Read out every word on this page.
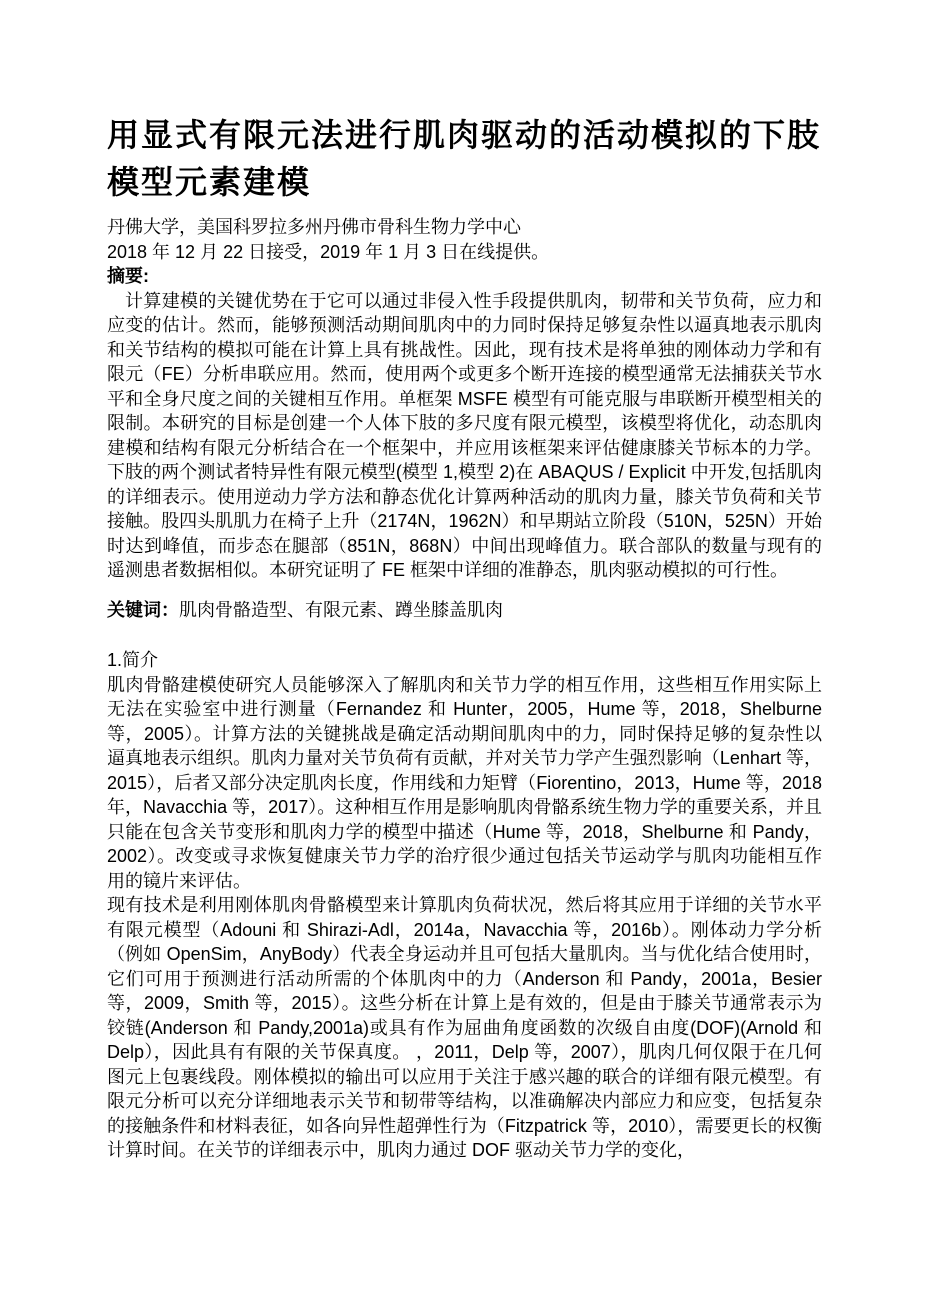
用显式有限元法进行肌肉驱动的活动模拟的下肢模型元素建模

丹佛大学，美国科罗拉多州丹佛市骨科生物力学中心

2018 年 12 月 22 日接受，2019 年 1 月 3 日在线提供。

摘要:

计算建模的关键优势在于它可以通过非侵入性手段提供肌肉，韧带和关节负荷，应力和应变的估计。然而，能够预测活动期间肌肉中的力同时保持足够复杂性以逼真地表示肌肉和关节结构的模拟可能在计算上具有挑战性。因此，现有技术是将单独的刚体动力学和有限元（FE）分析串联应用。然而，使用两个或更多个断开连接的模型通常无法捕获关节水平和全身尺度之间的关键相互作用。单框架 MSFE 模型有可能克服与串联断开模型相关的限制。本研究的目标是创建一个人体下肢的多尺度有限元模型，该模型将优化，动态肌肉建模和结构有限元分析结合在一个框架中，并应用该框架来评估健康膝关节标本的力学。下肢的两个测试者特异性有限元模型(模型 1,模型 2)在 ABAQUS / Explicit 中开发,包括肌肉的详细表示。使用逆动力学方法和静态优化计算两种活动的肌肉力量，膝关节负荷和关节接触。股四头肌肌力在椅子上升（2174N，1962N）和早期站立阶段（510N，525N）开始时达到峰值，而步态在腿部（851N，868N）中间出现峰值力。联合部队的数量与现有的遥测患者数据相似。本研究证明了 FE 框架中详细的准静态，肌肉驱动模拟的可行性。

关键词：肌肉骨骼造型、有限元素、蹲坐膝盖肌肉

1.简介

肌肉骨骼建模使研究人员能够深入了解肌肉和关节力学的相互作用，这些相互作用实际上无法在实验室中进行测量（Fernandez 和 Hunter，2005，Hume 等，2018，Shelburne 等，2005）。计算方法的关键挑战是确定活动期间肌肉中的力，同时保持足够的复杂性以逼真地表示组织。肌肉力量对关节负荷有贡献，并对关节力学产生强烈影响（Lenhart 等，2015），后者又部分决定肌肉长度，作用线和力矩臂（Fiorentino，2013，Hume 等，2018 年，Navacchia 等，2017）。这种相互作用是影响肌肉骨骼系统生物力学的重要关系，并且只能在包含关节变形和肌肉力学的模型中描述（Hume 等，2018，Shelburne 和 Pandy，2002）。改变或寻求恢复健康关节力学的治疗很少通过包括关节运动学与肌肉功能相互作用的镜片来评估。

现有技术是利用刚体肌肉骨骼模型来计算肌肉负荷状况，然后将其应用于详细的关节水平有限元模型（Adouni 和 Shirazi-Adl，2014a，Navacchia 等，2016b）。刚体动力学分析（例如 OpenSim，AnyBody）代表全身运动并且可包括大量肌肉。当与优化结合使用时，它们可用于预测进行活动所需的个体肌肉中的力（Anderson 和 Pandy，2001a，Besier 等，2009，Smith 等，2015）。这些分析在计算上是有效的，但是由于膝关节通常表示为铰链(Anderson 和 Pandy,2001a)或具有作为屈曲角度函数的次级自由度(DOF)(Arnold 和 Delp），因此具有有限的关节保真度。 ，2011，Delp 等，2007），肌肉几何仅限于在几何图元上包裹线段。刚体模拟的输出可以应用于关注于感兴趣的联合的详细有限元模型。有限元分析可以充分详细地表示关节和韧带等结构，以准确解决内部应力和应变，包括复杂的接触条件和材料表征，如各向异性超弹性行为（Fitzpatrick 等，2010），需要更长的权衡计算时间。在关节的详细表示中，肌肉力通过 DOF 驱动关节力学的变化，
